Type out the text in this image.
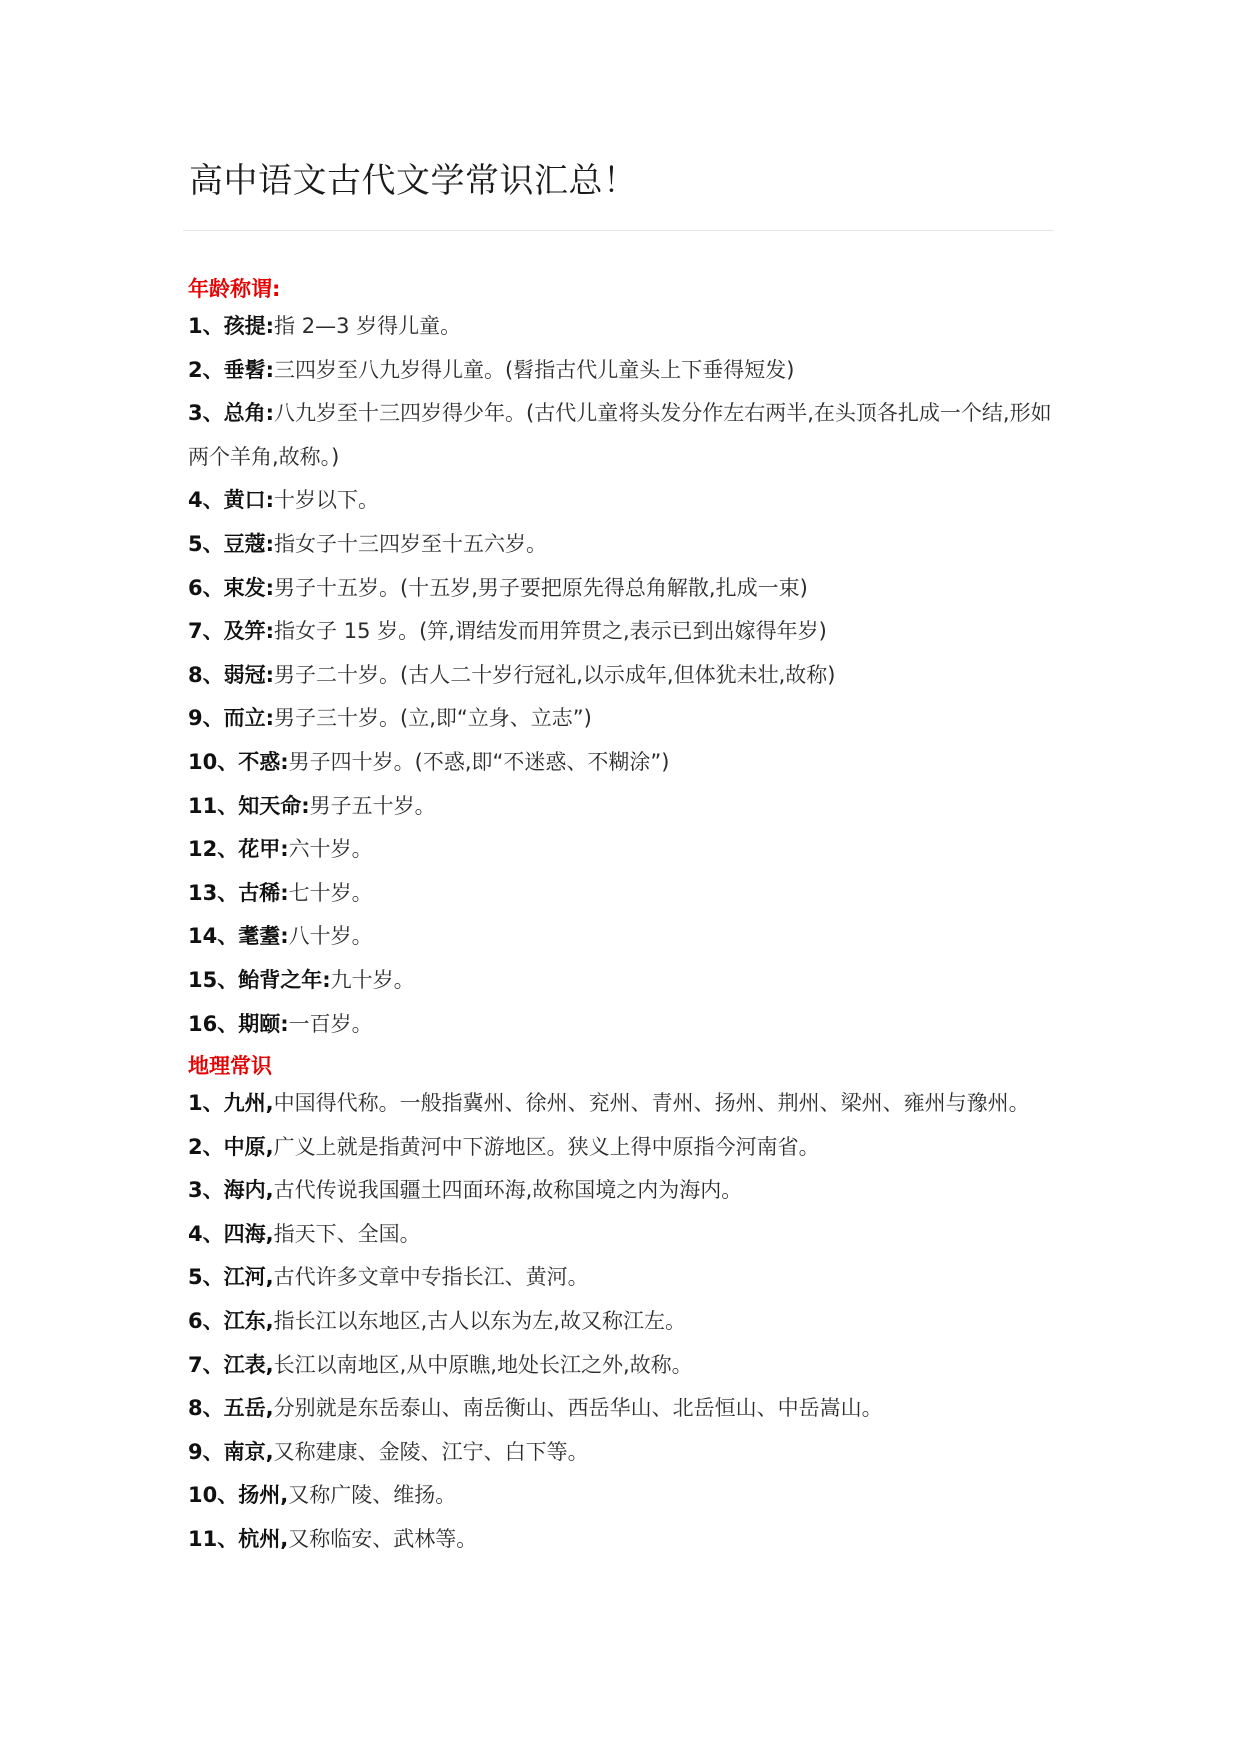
高中语文古代文学常识汇总！
年龄称谓:
1、孩提:指 2—3 岁得儿童。
2、垂髫:三四岁至八九岁得儿童。(髫指古代儿童头上下垂得短发)
3、总角:八九岁至十三四岁得少年。(古代儿童将头发分作左右两半,在头顶各扎成一个结,形如两个羊角,故称。)
4、黄口:十岁以下。
5、豆蔻:指女子十三四岁至十五六岁。
6、束发:男子十五岁。(十五岁,男子要把原先得总角解散,扎成一束)
7、及笄:指女子 15 岁。(笄,谓结发而用笄贯之,表示已到出嫁得年岁)
8、弱冠:男子二十岁。(古人二十岁行冠礼,以示成年,但体犹未壮,故称)
9、而立:男子三十岁。(立,即“立身、立志”)
10、不惑:男子四十岁。(不惑,即“不迷惑、不糊涂”)
11、知天命:男子五十岁。
12、花甲:六十岁。
13、古稀:七十岁。
14、耄耋:八十岁。
15、鲐背之年:九十岁。
16、期颐:一百岁。
地理常识
1、九州,中国得代称。一般指冀州、徐州、兖州、青州、扬州、荆州、梁州、雍州与豫州。
2、中原,广义上就是指黄河中下游地区。狭义上得中原指今河南省。
3、海内,古代传说我国疆土四面环海,故称国境之内为海内。
4、四海,指天下、全国。
5、江河,古代许多文章中专指长江、黄河。
6、江东,指长江以东地区,古人以东为左,故又称江左。
7、江表,长江以南地区,从中原瞧,地处长江之外,故称。
8、五岳,分别就是东岳泰山、南岳衡山、西岳华山、北岳恒山、中岳嵩山。
9、南京,又称建康、金陵、江宁、白下等。
10、扬州,又称广陵、维扬。
11、杭州,又称临安、武林等。
